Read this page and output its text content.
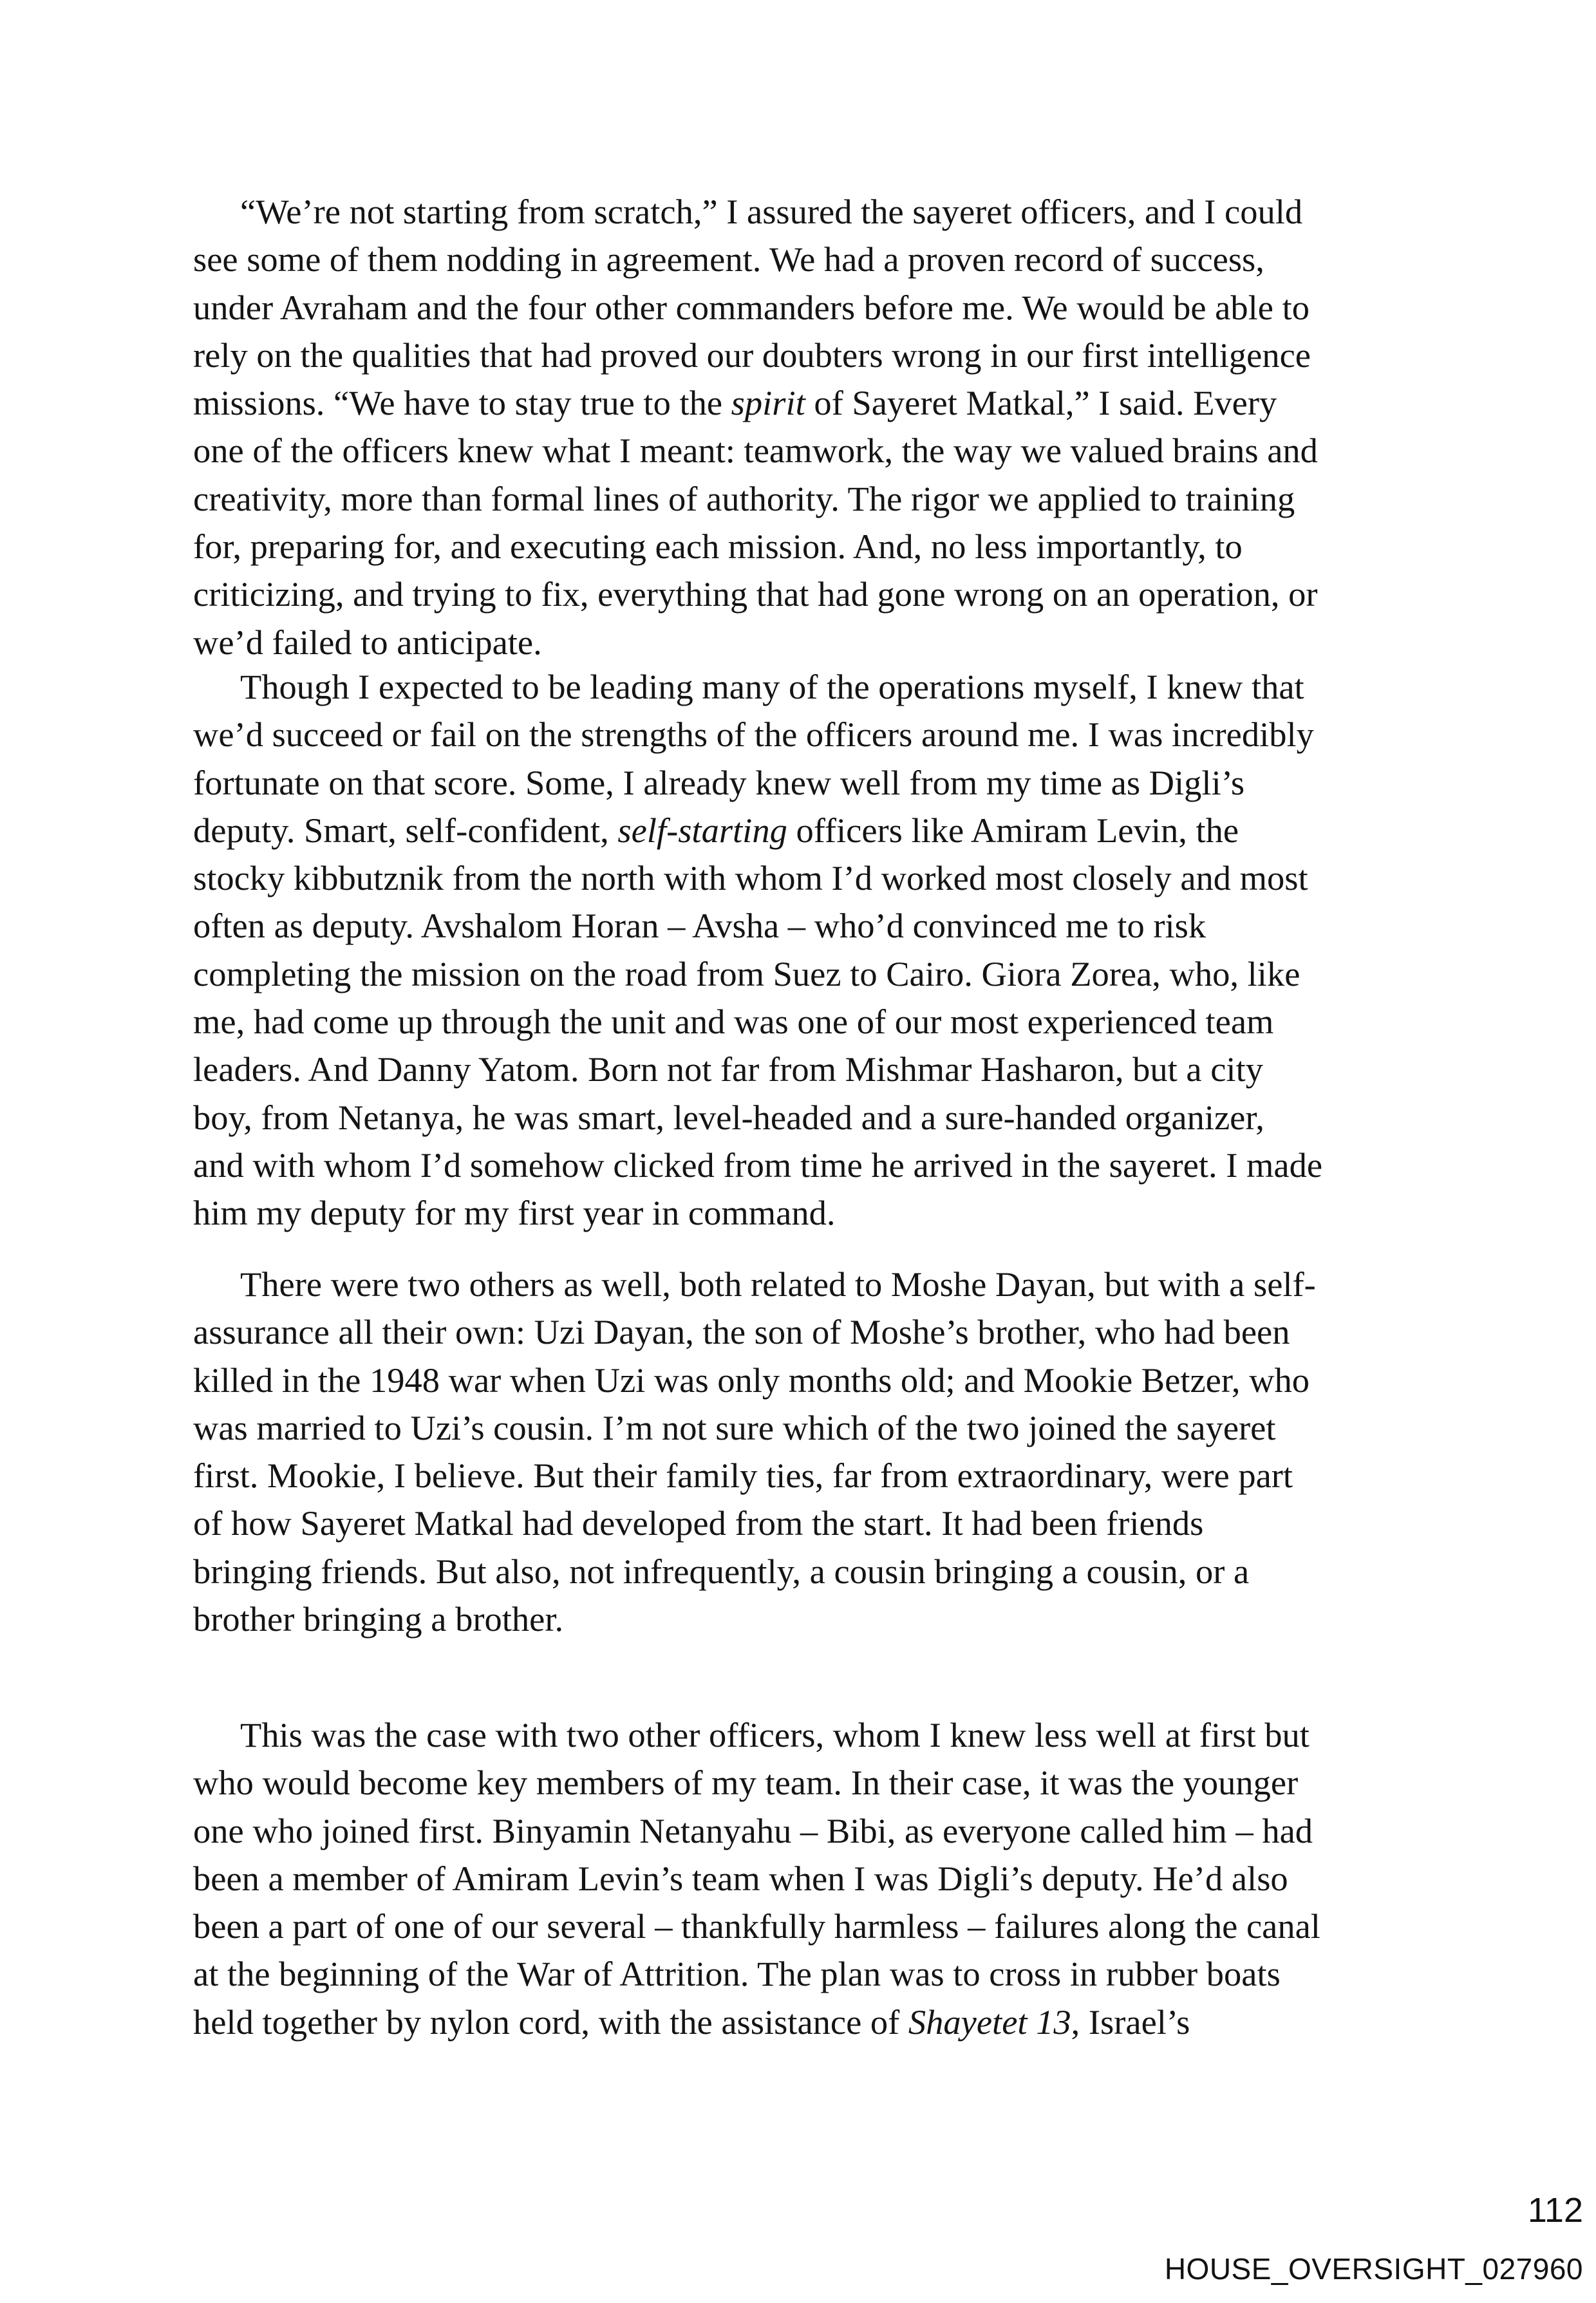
“We’re not starting from scratch,” I assured the sayeret officers, and I could
see some of them nodding in agreement. We had a proven record of success,
under Avraham and the four other commanders before me. We would be able to
rely on the qualities that had proved our doubters wrong in our first intelligence
missions. “We have to stay true to the spirit of Sayeret Matkal,” I said. Every
one of the officers knew what I meant: teamwork, the way we valued brains and
creativity, more than formal lines of authority. The rigor we applied to training
for, preparing for, and executing each mission. And, no less importantly, to
criticizing, and trying to fix, everything that had gone wrong on an operation, or
we’d failed to anticipate.
Though I expected to be leading many of the operations myself, I knew that
we’d succeed or fail on the strengths of the officers around me. I was incredibly
fortunate on that score. Some, I already knew well from my time as Digli’s
deputy. Smart, self-confident, self-starting officers like Amiram Levin, the
stocky kibbutznik from the north with whom I’d worked most closely and most
often as deputy. Avshalom Horan – Avsha – who’d convinced me to risk
completing the mission on the road from Suez to Cairo. Giora Zorea, who, like
me, had come up through the unit and was one of our most experienced team
leaders. And Danny Yatom. Born not far from Mishmar Hasharon, but a city
boy, from Netanya, he was smart, level-headed and a sure-handed organizer,
and with whom I’d somehow clicked from time he arrived in the sayeret. I made
him my deputy for my first year in command.
There were two others as well, both related to Moshe Dayan, but with a self-
assurance all their own: Uzi Dayan, the son of Moshe’s brother, who had been
killed in the 1948 war when Uzi was only months old; and Mookie Betzer, who
was married to Uzi’s cousin. I’m not sure which of the two joined the sayeret
first. Mookie, I believe. But their family ties, far from extraordinary, were part
of how Sayeret Matkal had developed from the start. It had been friends
bringing friends. But also, not infrequently, a cousin bringing a cousin, or a
brother bringing a brother.
This was the case with two other officers, whom I knew less well at first but
who would become key members of my team. In their case, it was the younger
one who joined first. Binyamin Netanyahu – Bibi, as everyone called him – had
been a member of Amiram Levin’s team when I was Digli’s deputy. He’d also
been a part of one of our several – thankfully harmless – failures along the canal
at the beginning of the War of Attrition. The plan was to cross in rubber boats
held together by nylon cord, with the assistance of Shayetet 13, Israel’s
112
HOUSE_OVERSIGHT_027960
